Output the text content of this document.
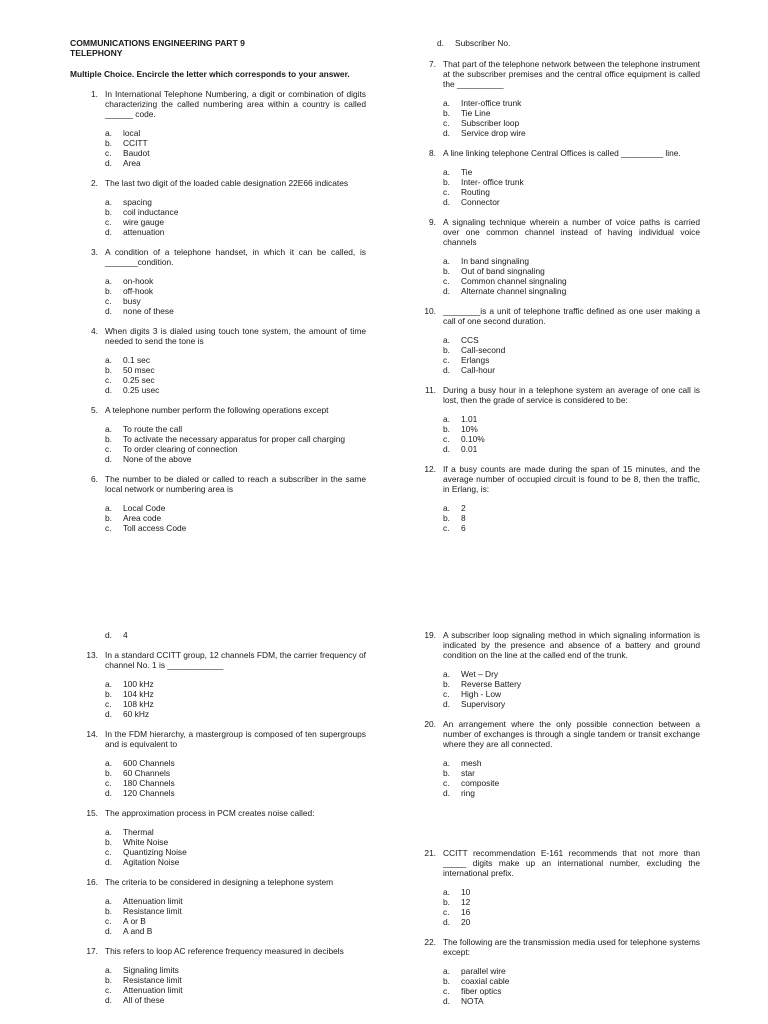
COMMUNICATIONS ENGINEERING PART 9
TELEPHONY
Multiple Choice. Encircle the letter which corresponds to your answer.
1. In International Telephone Numbering, a digit or combination of digits characterizing the called numbering area within a country is called ______ code.
a.	local
b.	CCITT
c.	Baudot
d.	Area
2. The last two digit of the loaded cable designation 22E66 indicates
a.	spacing
b.	coil inductance
c.	wire gauge
d.	attenuation
3. A condition of a telephone handset, in which it can be called, is _______condition.
a.	on-hook
b.	off-hook
c.	busy
d.	none of these
4. When digits 3 is dialed using touch tone system, the amount of time needed to send the tone is
a.	0.1 sec
b.	50 msec
c.	0.25 sec
d.	0.25 usec
5. A telephone number perform the following operations except
a.	To route the call
b.	To activate the necessary apparatus for proper call charging
c.	To order clearing of connection
d.	None of the above
6. The number to be dialed or called to reach a subscriber in the same local network or numbering area is
a.	Local Code
b.	Area code
c.	Toll access Code
d.	Subscriber No.
7. That part of the telephone network between the telephone instrument at the subscriber premises and the central office equipment is called the __________
a.	Inter-office trunk
b.	Tie Line
c.	Subscriber loop
d.	Service drop wire
8. A line linking telephone Central Offices is called _________ line.
a.	Tie
b.	Inter- office trunk
c.	Routing
d.	Connector
9. A signaling technique wherein a number of voice paths is carried over one common channel instead of having individual voice channels
a.	In band singnaling
b.	Out of band singnaling
c.	Common channel singnaling
d.	Alternate channel singnaling
10. ________is a unit of telephone traffic defined as one user making a call of one second duration.
a.	CCS
b.	Call-second
c.	Erlangs
d.	Call-hour
11. During a busy hour in a telephone system an average of one call is lost, then the grade of service is considered to be:
a.	1.01
b.	10%
c.	0.10%
d.	0.01
12. If a busy counts are made during the span of 15 minutes, and the average number of occupied circuit is found to be 8, then the traffic, in Erlang, is:
a.	2
b.	8
c.	6
d.	4
13. In a standard CCITT group, 12 channels FDM, the carrier frequency of channel No. 1 is ____________
a.	100 kHz
b.	104 kHz
c.	108 kHz
d.	60 kHz
14. In the FDM hierarchy, a mastergroup is composed of ten supergroups and is equivalent to
a.	600 Channels
b.	60 Channels
c.	180 Channels
d.	120 Channels
15. The approximation process in PCM creates noise called:
a.	Thermal
b.	White Noise
c.	Quantizing Noise
d.	Agitation Noise
16. The criteria to be considered in designing a telephone system
a.	Attenuation limit
b.	Resistance limit
c.	A or B
d.	A and B
17. This refers to loop AC reference frequency measured in decibels
a.	Signaling limits
b.	Resistance limit
c.	Attenuation limit
d.	All of these
19. A subscriber loop signaling method in which signaling information is indicated by the presence and absence of a battery and ground condition on the line at the called end of the trunk.
a.	Wet – Dry
b.	Reverse Battery
c.	High - Low
d.	Supervisory
20. An arrangement where the only possible connection between a number of exchanges is through a single tandem or transit exchange where they are all connected.
a.	mesh
b.	star
c.	composite
d.	ring
21. CCITT recommendation E-161 recommends that not more than _____ digits make up an international number, excluding the international prefix.
a.	10
b.	12
c.	16
d.	20
22. The following are the transmission media used for telephone systems except:
a.	parallel wire
b.	coaxial cable
c.	fiber optics
d.	NOTA
